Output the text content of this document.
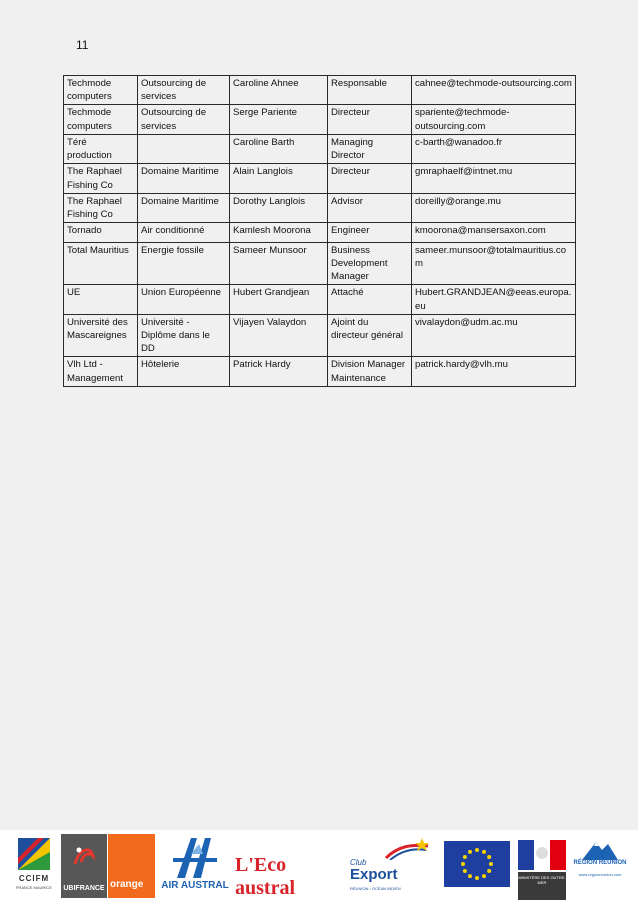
11
Techmode computers	Outsourcing de services	Caroline Ahnee	Responsable	cahnee@techmode-outsourcing.com
Techmode computers	Outsourcing de services	Serge Pariente	Directeur	spariente@techmode-outsourcing.com
Téré production		Caroline Barth	Managing Director	c-barth@wanadoo.fr
The Raphael Fishing Co	Domaine Maritime	Alain Langlois	Directeur	gmraphaelf@intnet.mu
The Raphael Fishing Co	Domaine Maritime	Dorothy Langlois	Advisor	doreilly@orange.mu
Tornado	Air conditionné	Kamlesh Moorona	Engineer	kmoorona@mansersaxon.com
Total Mauritius	Energie fossile	Sameer Munsoor	Business Development Manager	sameer.munsoor@totalmauritius.com
UE	Union Européenne	Hubert Grandjean	Attaché	Hubert.GRANDJEAN@eeas.europa.eu
Université des Mascareignes	Université - Diplôme dans le DD	Vijayen Valaydon	Ajoint du directeur général	vivalaydon@udm.ac.mu
Vlh Ltd - Management	Hôtelerie	Patrick Hardy	Division Manager Maintenance	patrick.hardy@vlh.mu
CCIFM
FRANCE MAURICE	UBIFRANCE orange	AIR AUSTRAL
L'Eco austral
Club
Export
RÉUNION / OCÉAN INDIEN
MINISTÈRE DES OUTRE-MER
RÉGION RÉUNION
www.regionreunion.com
